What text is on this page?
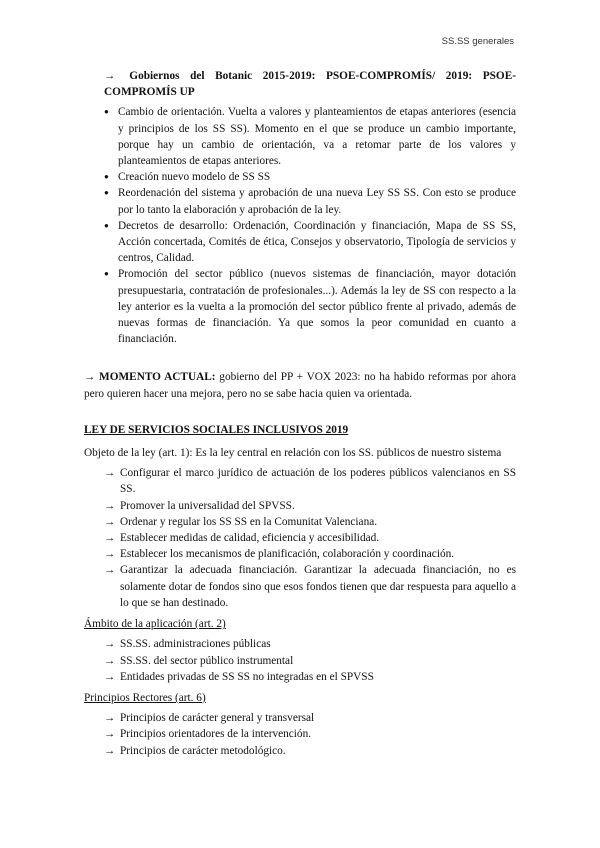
SS.SS generales

→ Gobiernos del Botanic 2015-2019: PSOE-COMPROMÍS/ 2019: PSOE-COMPROMÍS UP

● Cambio de orientación. Vuelta a valores y planteamientos de etapas anteriores (esencia y principios de los SS SS). Momento en el que se produce un cambio importante, porque hay un cambio de orientación, va a retomar parte de los valores y planteamientos de etapas anteriores.
● Creación nuevo modelo de SS SS
● Reordenación del sistema y aprobación de una nueva Ley SS SS. Con esto se produce por lo tanto la elaboración y aprobación de la ley.
● Decretos de desarrollo: Ordenación, Coordinación y financiación, Mapa de SS SS, Acción concertada, Comités de ética, Consejos y observatorio, Tipología de servicios y centros, Calidad.
● Promoción del sector público (nuevos sistemas de financiación, mayor dotación presupuestaria, contratación de profesionales...). Además la ley de SS con respecto a la ley anterior es la vuelta a la promoción del sector público frente al privado, además de nuevas formas de financiación. Ya que somos la peor comunidad en cuanto a financiación.

→ MOMENTO ACTUAL: gobierno del PP + VOX 2023: no ha habido reformas por ahora pero quieren hacer una mejora, pero no se sabe hacia quien va orientada.

LEY DE SERVICIOS SOCIALES INCLUSIVOS 2019

Objeto de la ley (art. 1): Es la ley central en relación con los SS. públicos de nuestro sistema

→ Configurar el marco jurídico de actuación de los poderes públicos valencianos en SS SS.
→ Promover la universalidad del SPVSS.
→ Ordenar y regular los SS SS en la Comunitat Valenciana.
→ Establecer medidas de calidad, eficiencia y accesibilidad.
→ Establecer los mecanismos de planificación, colaboración y coordinación.
→ Garantizar la adecuada financiación. Garantizar la adecuada financiación, no es solamente dotar de fondos sino que esos fondos tienen que dar respuesta para aquello a lo que se han destinado.

Ámbito de la aplicación (art. 2)

→ SS.SS. administraciones públicas
→ SS.SS. del sector público instrumental
→ Entidades privadas de SS SS no integradas en el SPVSS

Principios Rectores (art. 6)

→ Principios de carácter general y transversal
→ Principios orientadores de la intervención.
→ Principios de carácter metodológico.
